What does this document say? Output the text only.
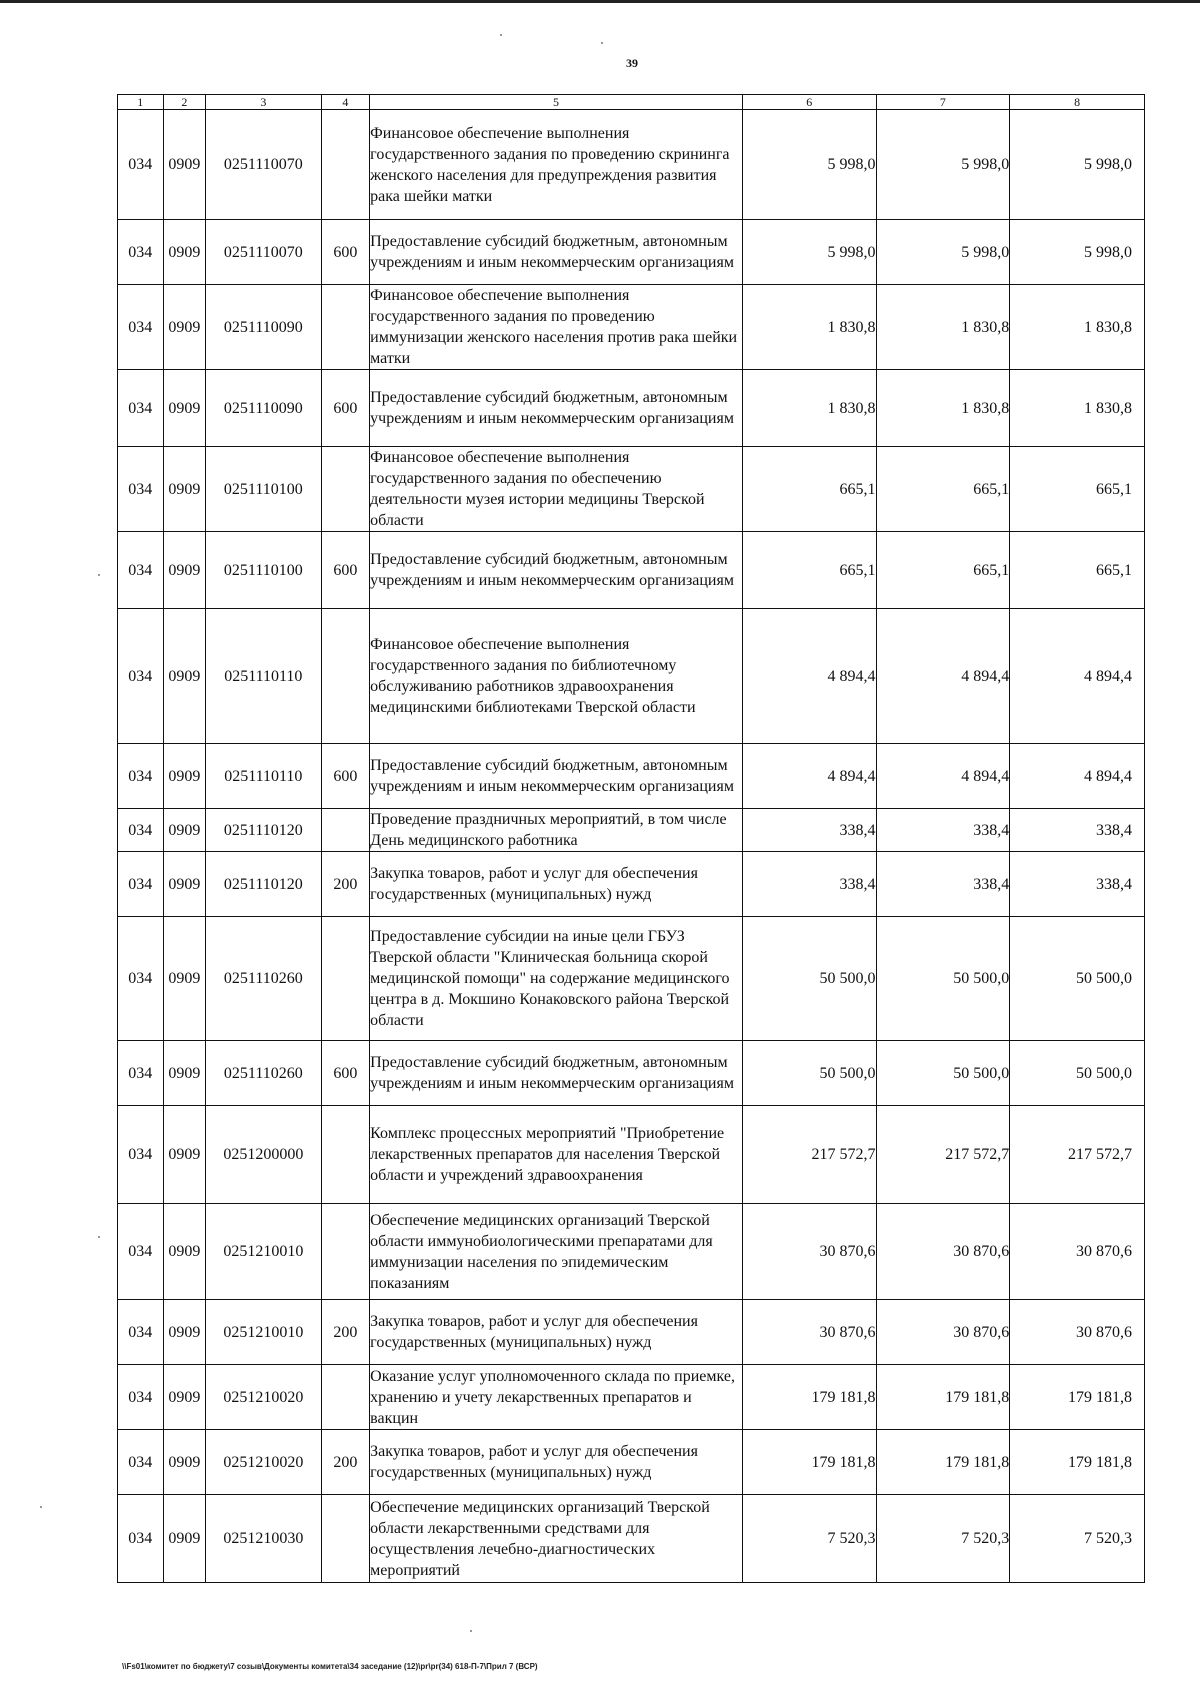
39
1	2	3	4	5	6	7	8
034	0909	0251110070		Финансовое обеспечение выполнения государственного задания по проведению скрининга женского населения для предупреждения развития рака шейки матки	5 998,0	5 998,0	5 998,0
034	0909	0251110070	600	Предоставление субсидий бюджетным, автономным учреждениям и иным некоммерческим организациям	5 998,0	5 998,0	5 998,0
034	0909	0251110090		Финансовое обеспечение выполнения государственного задания по проведению иммунизации женского населения против рака шейки матки	1 830,8	1 830,8	1 830,8
034	0909	0251110090	600	Предоставление субсидий бюджетным, автономным учреждениям и иным некоммерческим организациям	1 830,8	1 830,8	1 830,8
034	0909	0251110100		Финансовое обеспечение выполнения государственного задания по обеспечению деятельности музея истории медицины Тверской области	665,1	665,1	665,1
034	0909	0251110100	600	Предоставление субсидий бюджетным, автономным учреждениям и иным некоммерческим организациям	665,1	665,1	665,1
034	0909	0251110110		Финансовое обеспечение выполнения государственного задания по библиотечному обслуживанию работников здравоохранения медицинскими библиотеками Тверской области	4 894,4	4 894,4	4 894,4
034	0909	0251110110	600	Предоставление субсидий бюджетным, автономным учреждениям и иным некоммерческим организациям	4 894,4	4 894,4	4 894,4
034	0909	0251110120		Проведение праздничных мероприятий, в том числе День медицинского работника	338,4	338,4	338,4
034	0909	0251110120	200	Закупка товаров, работ и услуг для обеспечения государственных (муниципальных) нужд	338,4	338,4	338,4
034	0909	0251110260		Предоставление субсидии на иные цели ГБУЗ Тверской области "Клиническая больница скорой медицинской помощи" на содержание медицинского центра в д. Мокшино Конаковского района Тверской области	50 500,0	50 500,0	50 500,0
034	0909	0251110260	600	Предоставление субсидий бюджетным, автономным учреждениям и иным некоммерческим организациям	50 500,0	50 500,0	50 500,0
034	0909	0251200000		Комплекс процессных мероприятий "Приобретение лекарственных препаратов для населения Тверской области и учреждений здравоохранения	217 572,7	217 572,7	217 572,7
034	0909	0251210010		Обеспечение медицинских организаций Тверской области иммунобиологическими препаратами для иммунизации населения по эпидемическим показаниям	30 870,6	30 870,6	30 870,6
034	0909	0251210010	200	Закупка товаров, работ и услуг для обеспечения государственных (муниципальных) нужд	30 870,6	30 870,6	30 870,6
034	0909	0251210020		Оказание услуг уполномоченного склада по приемке, хранению и учету лекарственных препаратов и вакцин	179 181,8	179 181,8	179 181,8
034	0909	0251210020	200	Закупка товаров, работ и услуг для обеспечения государственных (муниципальных) нужд	179 181,8	179 181,8	179 181,8
034	0909	0251210030		Обеспечение медицинских организаций Тверской области лекарственными средствами для осуществления лечебно-диагностических мероприятий	7 520,3	7 520,3	7 520,3
\\Fs01\комитет по бюджету\7 созыв\Документы комитета\34 заседание (12)\pr\pr(34) 618-П-7\Прил 7 (ВСР)
